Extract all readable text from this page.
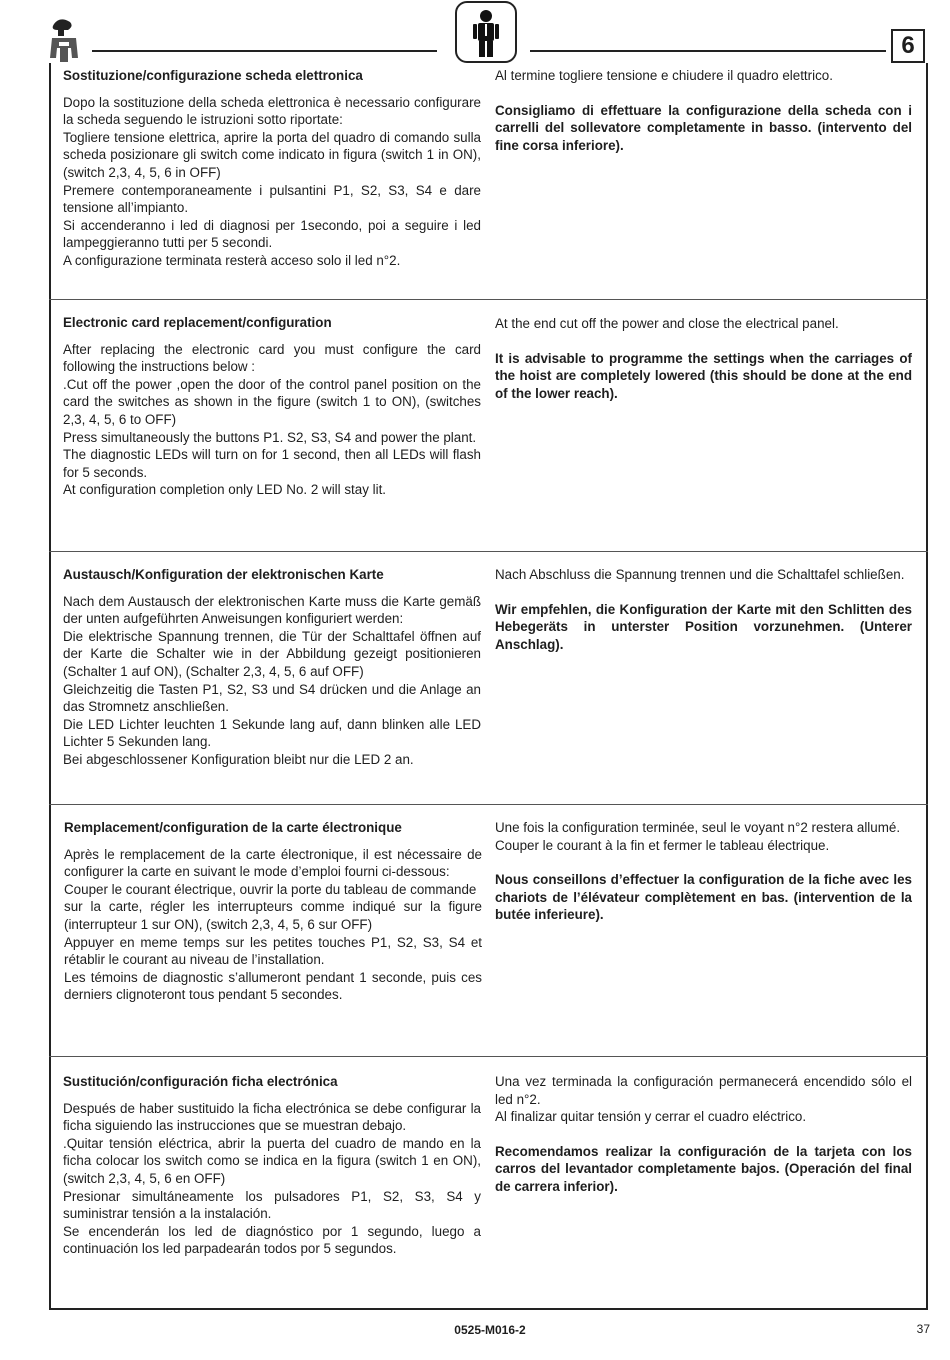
6

Sostituzione/configurazione scheda elettronica

Dopo la sostituzione della scheda elettronica è necessario configurare la scheda seguendo le istruzioni sotto riportate:
Togliere tensione elettrica, aprire la porta del quadro di comando sulla scheda posizionare gli switch come indicato in figura (switch 1 in ON), (switch 2,3, 4, 5, 6 in OFF)
Premere contemporaneamente i pulsantini P1, S2, S3, S4 e dare tensione all’impianto.
Si accenderanno i led di diagnosi per 1secondo, poi a seguire i led lampeggieranno tutti per 5 secondi.
A configurazione terminata resterà acceso solo il led n°2.

Al termine togliere tensione e chiudere il quadro elettrico.

Consigliamo di effettuare la configurazione della scheda con i carrelli del sollevatore completamente in basso. (intervento del fine corsa inferiore).

Electronic card replacement/configuration

After replacing the electronic card you must configure the card following the instructions below :
.Cut off the power ,open the door of the control panel position on the card the switches as shown in the figure (switch 1 to ON), (switches 2,3, 4, 5, 6 to OFF)
Press simultaneously the buttons P1. S2, S3, S4 and power the plant.
The diagnostic LEDs will turn on for 1 second, then all LEDs will flash for 5 seconds.
At configuration completion only LED No. 2 will stay lit.

At the end cut off the power and close the electrical panel.

It is advisable to programme the settings when the carriages of the hoist are completely lowered (this should be done at the end of the lower reach).

Austausch/Konfiguration der elektronischen Karte

Nach dem Austausch der elektronischen Karte muss die Karte gemäß der unten aufgeführten Anweisungen konfiguriert werden:
Die elektrische Spannung trennen, die Tür der Schalttafel öffnen auf der Karte die Schalter wie in der Abbildung gezeigt positionieren (Schalter 1 auf ON), (Schalter 2,3, 4, 5, 6 auf OFF)
Gleichzeitig die Tasten P1, S2, S3 und S4 drücken und die Anlage an das Stromnetz anschließen.
Die LED Lichter leuchten 1 Sekunde lang auf, dann blinken alle LED Lichter 5 Sekunden lang.
Bei abgeschlossener Konfiguration bleibt nur die LED 2 an.

Nach Abschluss die Spannung trennen und die Schalttafel schließen.

Wir empfehlen, die Konfiguration der Karte mit den Schlitten des Hebegeräts in unterster Position vorzunehmen. (Unterer Anschlag).

Remplacement/configuration de la carte électronique

Après le remplacement de la carte électronique, il est nécessaire de configurer la carte en suivant le mode d’emploi fourni ci-dessous:
Couper le courant électrique, ouvrir la porte du tableau de commande
sur la carte, régler les interrupteurs comme indiqué sur la figure (interrupteur 1 sur ON), (switch 2,3, 4, 5, 6 sur OFF)
Appuyer en meme temps sur les petites touches P1, S2, S3, S4 et rétablir le courant au niveau de l’installation.
Les témoins de diagnostic s’allumeront pendant 1 seconde, puis ces derniers clignoteront tous pendant 5 secondes.

Une fois la configuration terminée, seul le voyant n°2 restera allumé.
Couper le courant à la fin et fermer le tableau électrique.

Nous conseillons d’effectuer la configuration de la fiche avec les chariots de l’élévateur complètement en bas. (intervention de la butée inferieure).

Sustitución/configuración ficha electrónica

Después de haber sustituido la ficha electrónica se debe configurar la ficha siguiendo las instrucciones que se muestran debajo.
.Quitar tensión eléctrica, abrir la puerta del cuadro de mando en la ficha colocar los switch como se indica en la figura (switch 1 en ON), (switch 2,3, 4, 5, 6 en OFF)
Presionar simultáneamente los pulsadores P1, S2, S3, S4 y suministrar tensión a la instalación.
Se encenderán los led de diagnóstico por 1 segundo, luego a continuación los led parpadearán todos por 5 segundos.

Una vez terminada la configuración permanecerá encendido sólo el led n°2.
Al finalizar quitar tensión y cerrar el cuadro eléctrico.

Recomendamos realizar la configuración de la tarjeta con los carros del levantador completamente bajos. (Operación del final de carrera inferior).

0525-M016-2	37
